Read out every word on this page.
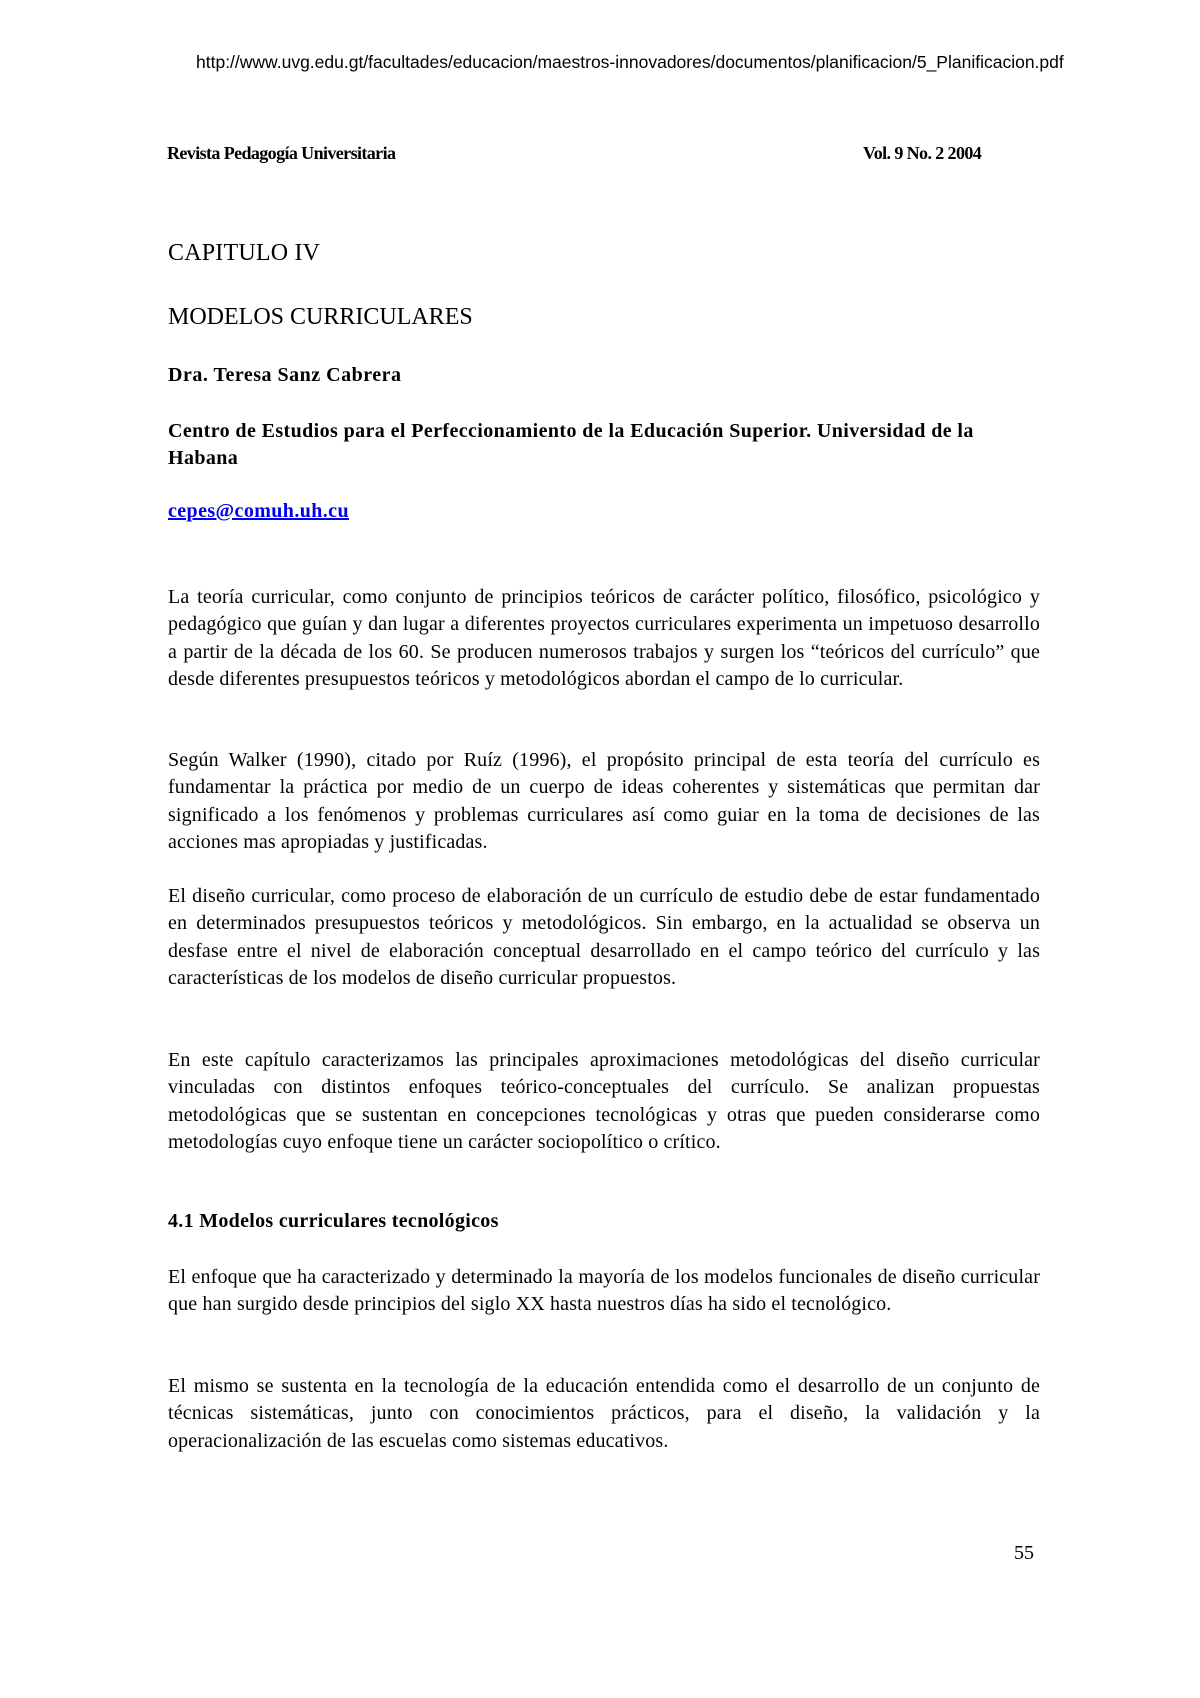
http://www.uvg.edu.gt/facultades/educacion/maestros-innovadores/documentos/planificacion/5_Planificacion.pdf
Revista Pedagogía Universitaria	Vol. 9 No. 2 2004
CAPITULO IV
MODELOS CURRICULARES
Dra. Teresa Sanz Cabrera
Centro de Estudios para el Perfeccionamiento de la Educación Superior. Universidad de la Habana
cepes@comuh.uh.cu

La teoría curricular, como conjunto de principios teóricos de carácter político, filosófico, psicológico y pedagógico que guían y dan lugar a diferentes proyectos curriculares experimenta un impetuoso desarrollo a partir de la década de los 60. Se producen numerosos trabajos y surgen los “teóricos del currículo” que desde diferentes presupuestos teóricos y metodológicos abordan el campo de lo curricular.

Según Walker (1990), citado por Ruíz (1996), el propósito principal de esta teoría del currículo es fundamentar la práctica por medio de un cuerpo de ideas coherentes y sistemáticas que permitan dar significado a los fenómenos y problemas curriculares así como guiar en la toma de decisiones de las acciones mas apropiadas y justificadas.

El diseño curricular, como proceso de elaboración de un currículo de estudio debe de estar fundamentado en determinados presupuestos teóricos y metodológicos. Sin embargo, en la actualidad se observa un desfase entre el nivel de elaboración conceptual desarrollado en el campo teórico del currículo y las características de los modelos de diseño curricular propuestos.

En este capítulo caracterizamos las principales aproximaciones metodológicas del diseño curricular vinculadas con distintos enfoques teórico-conceptuales del currículo. Se analizan propuestas metodológicas que se sustentan en concepciones tecnológicas y otras que pueden considerarse como metodologías cuyo enfoque tiene un carácter sociopolítico o crítico.

4.1 Modelos curriculares tecnológicos

El enfoque que ha caracterizado y determinado la mayoría de los modelos funcionales de diseño curricular que han surgido desde principios del siglo XX hasta nuestros días ha sido el tecnológico.

El mismo se sustenta en la tecnología de la educación entendida como el desarrollo de un conjunto de técnicas sistemáticas, junto con conocimientos prácticos, para el diseño, la validación y la operacionalización de las escuelas como sistemas educativos.

55
